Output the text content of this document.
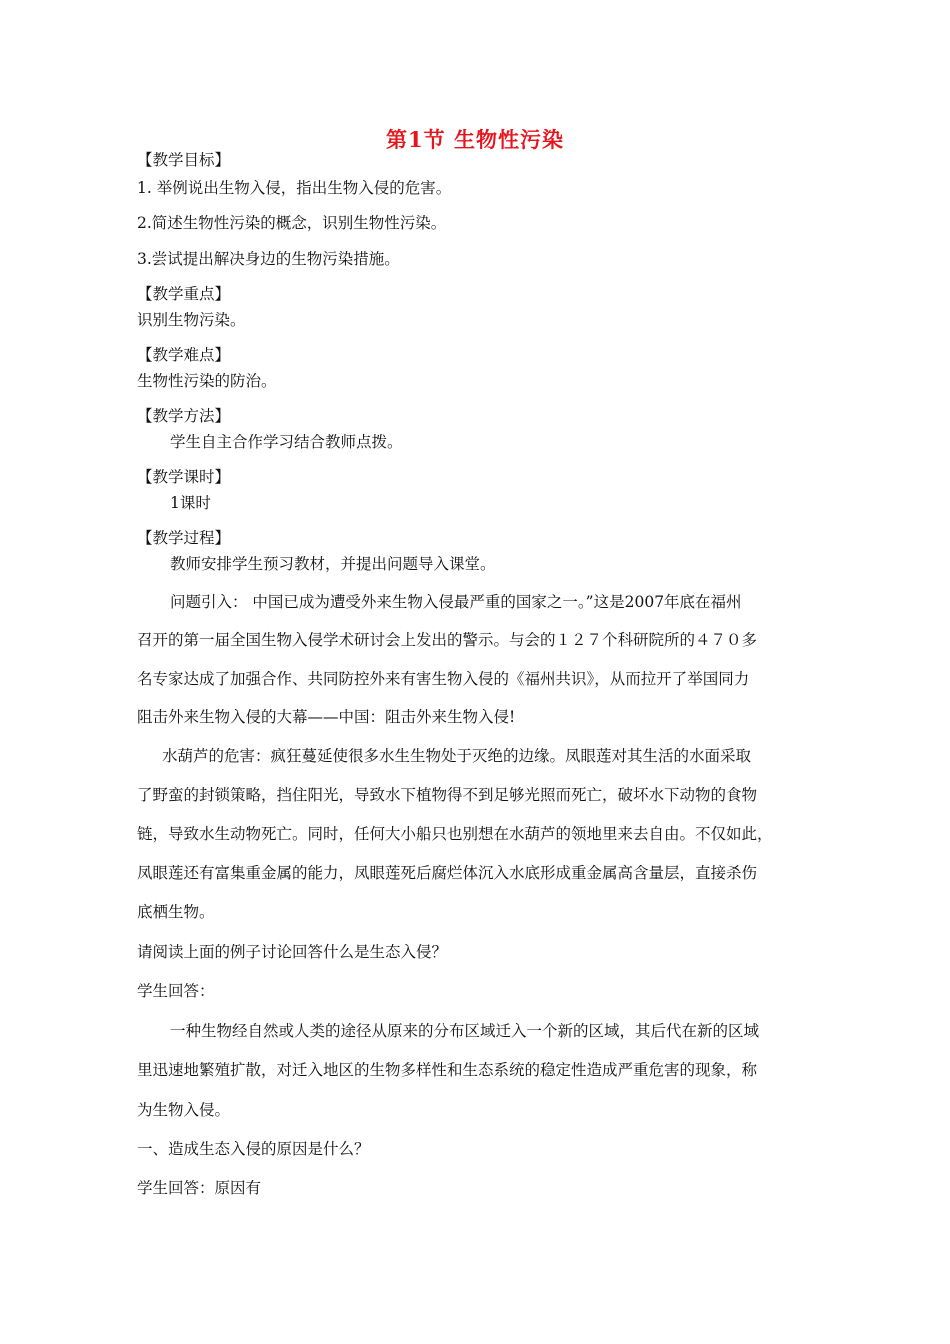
第1节 生物性污染
【教学目标】
1. 举例说出生物入侵，指出生物入侵的危害。
2.简述生物性污染的概念，识别生物性污染。
3.尝试提出解决身边的生物污染措施。
【教学重点】
识别生物污染。
【教学难点】
生物性污染的防治。
【教学方法】
学生自主合作学习结合教师点拨。
【教学课时】
1课时
【教学过程】
教师安排学生预习教材，并提出问题导入课堂。
问题引入： 中国已成为遭受外来生物入侵最严重的国家之一。”这是2007年底在福州
召开的第一届全国生物入侵学术研讨会上发出的警示。与会的１２７个科研院所的４７０多
名专家达成了加强合作、共同防控外来有害生物入侵的《福州共识》，从而拉开了举国同力
阻击外来生物入侵的大幕——中国：阻击外来生物入侵!
水葫芦的危害：疯狂蔓延使很多水生生物处于灭绝的边缘。凤眼莲对其生活的水面采取
了野蛮的封锁策略，挡住阳光，导致水下植物得不到足够光照而死亡，破坏水下动物的食物
链，导致水生动物死亡。同时，任何大小船只也别想在水葫芦的领地里来去自由。不仅如此，
凤眼莲还有富集重金属的能力，凤眼莲死后腐烂体沉入水底形成重金属高含量层，直接杀伤
底栖生物。
请阅读上面的例子讨论回答什么是生态入侵？
学生回答：
一种生物经自然或人类的途径从原来的分布区域迁入一个新的区域，其后代在新的区域
里迅速地繁殖扩散，对迁入地区的生物多样性和生态系统的稳定性造成严重危害的现象，称
为生物入侵。
一、造成生态入侵的原因是什么？
学生回答：原因有
